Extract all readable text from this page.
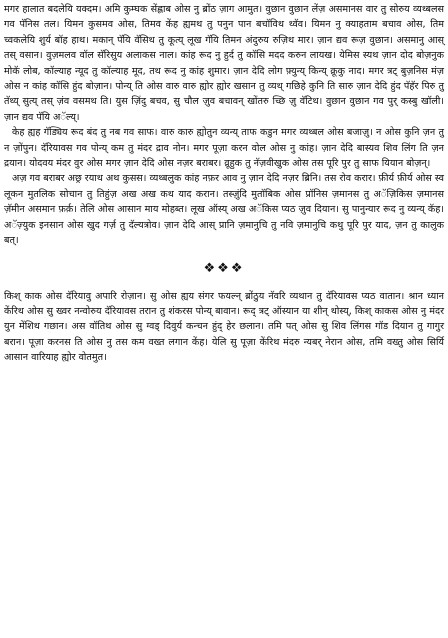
मगर हालात बदलेयि यक्दम। अमि कुम्घक सेंह्लाब ओस नु ब्रोंठ ज़ाग आमुत। वुछान वुछान लेंज़ असमानस वार तु सोरुय व्यथ्बलस गव पॅनिस तल। यिमन कुसमव ओस, तिमव केंह ह्यमथ तु पनुन पान बचॉविथ थ्वॅव। यिमन नु क्याहताम बचाव ओस, तिम च्वकलेयि शुर्य बॉह हाथ। मकान् पॅयि वॅसिथ तु कूत्य् लूख गॅयि तिमन अंदुरुय रुज़िथ मार। ज़ान द्यव रूज़ वुछान। असमानु आस् तस् वसान। वुज़मलव वॉल सॅरिसुय अलाकस नाल। कांह रूद नु हुर्द तु कॉसि मदद करुन लायख। येमिस स्यथ ज़ान दोद बोज़नुक मोकॅ लोब, कॉल्याह न्यूद तु कॉल्याह मूद, तथ रूद नु कांह शुमार। ज़ान देदि लोग फ़्युन्य् किन्य् क्रूकु नाद। मगर त्रट् बुज़निस मंज़ ओस न कांह कॉसि हुंद बोज़ान। पोन्य् ति ओस वारु वारु ह्योर ह्योर खसान तु व्यथ् गछिहे कुनि ति सारु ज़ान देदि हुंद पॅहॅर पिरु तु तॅथ्य् सुत्य् तस् ज़ंव वसमथ ति। युस ज़िंदु बचव, सु चौल ज़ुव बचावन् खोंतरु च्छि ज़ु वॅटिथ। वुछान वुछान गव पुर् कस्बु खॉली। ज़ान द्यव पॅयि अॅल्य्।

केह ह्यह गॅड्यिय रूद बंद तु नब गव साफ। वारु कारु ह्योतुन व्यन्य् ताफ कडुन मगर व्यथ्बल ओस बजाज़ु। न ओस कुनि ज़न तु न ज़ोंपुन। दॅरियावस गव पोन्य् कम तु मंदर द्राव नोन। मगर पूज़ा करन वोल ओस नु कांह। ज़ान देदि बास्यव शिव लिंग ति ज़न द्रयान। योदवय मंदर वुर ओस मगर ज़ान देदि ओस नज़र बराबर। व्रूहुक तु नॅज़वीखुक ओस तस पूरि पुर तु साफ यियान बोज़न्।

अज़ गव बराबर अछ्र रयाथ अथ कुसस। व्यथ्बलुक कांह नफ़र आव नु ज़ान देदि नज़र ब्रिनि। तस रोव करार। फ़ीर्य फ़ीर्य ओस स्व लूकन मुतलिक सोचान तु तिहुंज़ अख अख कथ याद करान। तस्ज़ुंदि मुतॉबिक ओस प्रॉनिस ज़मानस तु अॅज़िकिस ज़मानस ज़ॅमीन असमान फ़र्क़। तेलि ओस आसान माय मोहब्त। लूख ऑस्य् अख अॅकिस प्यठ ज़ुव दियान। सु पानुन्यार रूद नु व्यन्य् कॅह। अॅज़्युक इनसान ओस खुद गर्ज़ तु दॅल्यत्रोव। ज़ान देदि आस् प्रानि ज़मानुचि तु नवि ज़मानुचि कथु पूरि पुर याद, ज़न तु कालुक बत्।

❖❖❖

किश् काक ओस दॅरियावु अपारि रोज़ान। सु ओस ह्यय संगर फयल्न् ब्रोंठुय नॅवरि व्यथान तु दॅरियावस प्यठ वातान। श्रान ध्यान केंरिथ ओस सु ख्वर नन्वोरुय दॅरियावस तरान तु शंकरस पोन्य् बावान। रूद् त्रट् ऑस्यान या शीन् थोस्य्, किश् काकस ओस नु मंदर युन मेंशिथ गछान। अस वॉतिथ ओस सु ग्वड् दिवुर्य कन्चन हुंद् हेर छलान। तमि पत् ओस सु शिव लिंगस गॉड दियान तु गागुर बरान। पूज़ा करनस ति ओस नु तस कम वख्त लगान केंह। येलि सु पूज़ा केंरिथ मंदरु न्यबर् नेरान ओस, तमि वख्तु ओस सिर्यि आसान वारियाह ह्योर वोतमुत।
